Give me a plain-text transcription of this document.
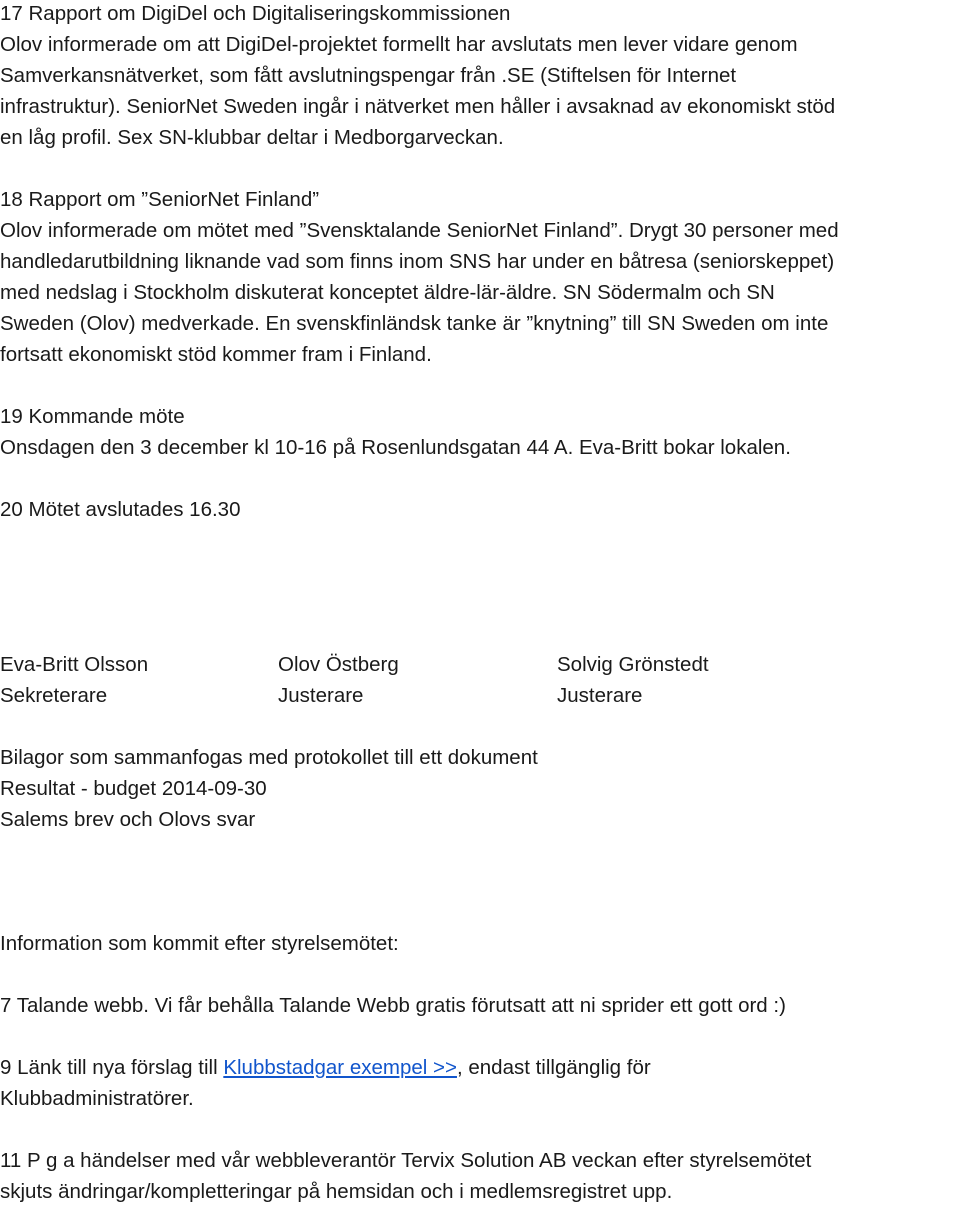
17 Rapport om DigiDel och Digitaliseringskommissionen

Olov informerade om att DigiDel-projektet formellt har avslutats men lever vidare genom

Samverkansnätverket, som fått avslutningspengar från .SE (Stiftelsen för Internet

infrastruktur). SeniorNet Sweden ingår i nätverket men håller i avsaknad av ekonomiskt stöd

en låg profil. Sex SN-klubbar deltar i Medborgarveckan.

18 Rapport om ”SeniorNet Finland”

Olov informerade om mötet med ”Svensktalande SeniorNet Finland”. Drygt 30 personer med

handledarutbildning liknande vad som finns inom SNS har under en båtresa (seniorskeppet)

med nedslag i Stockholm diskuterat konceptet äldre-lär-äldre. SN Södermalm och SN

Sweden (Olov) medverkade. En svenskfinländsk tanke är ”knytning” till SN Sweden om inte

fortsatt ekonomiskt stöd kommer fram i Finland.

19 Kommande möte

Onsdagen den 3 december kl 10-16 på Rosenlundsgatan 44 A. Eva-Britt bokar lokalen.

20 Mötet avslutades 16.30

Eva-Britt Olsson	Olov Östberg	Solvig Grönstedt
Sekreterare	Justerare	Justerare

Bilagor som sammanfogas med protokollet till ett dokument

Resultat - budget 2014-09-30

Salems brev och Olovs svar

Information som kommit efter styrelsemötet:

7 Talande webb. Vi får behålla Talande Webb gratis förutsatt att ni sprider ett gott ord :)

9 Länk till nya förslag till Klubbstadgar exempel >>, endast tillgänglig för

Klubbadministratörer.

11 P g a händelser med vår webbleverantör Tervix Solution AB veckan efter styrelsemötet

skjuts ändringar/kompletteringar på hemsidan och i medlemsregistret upp.
